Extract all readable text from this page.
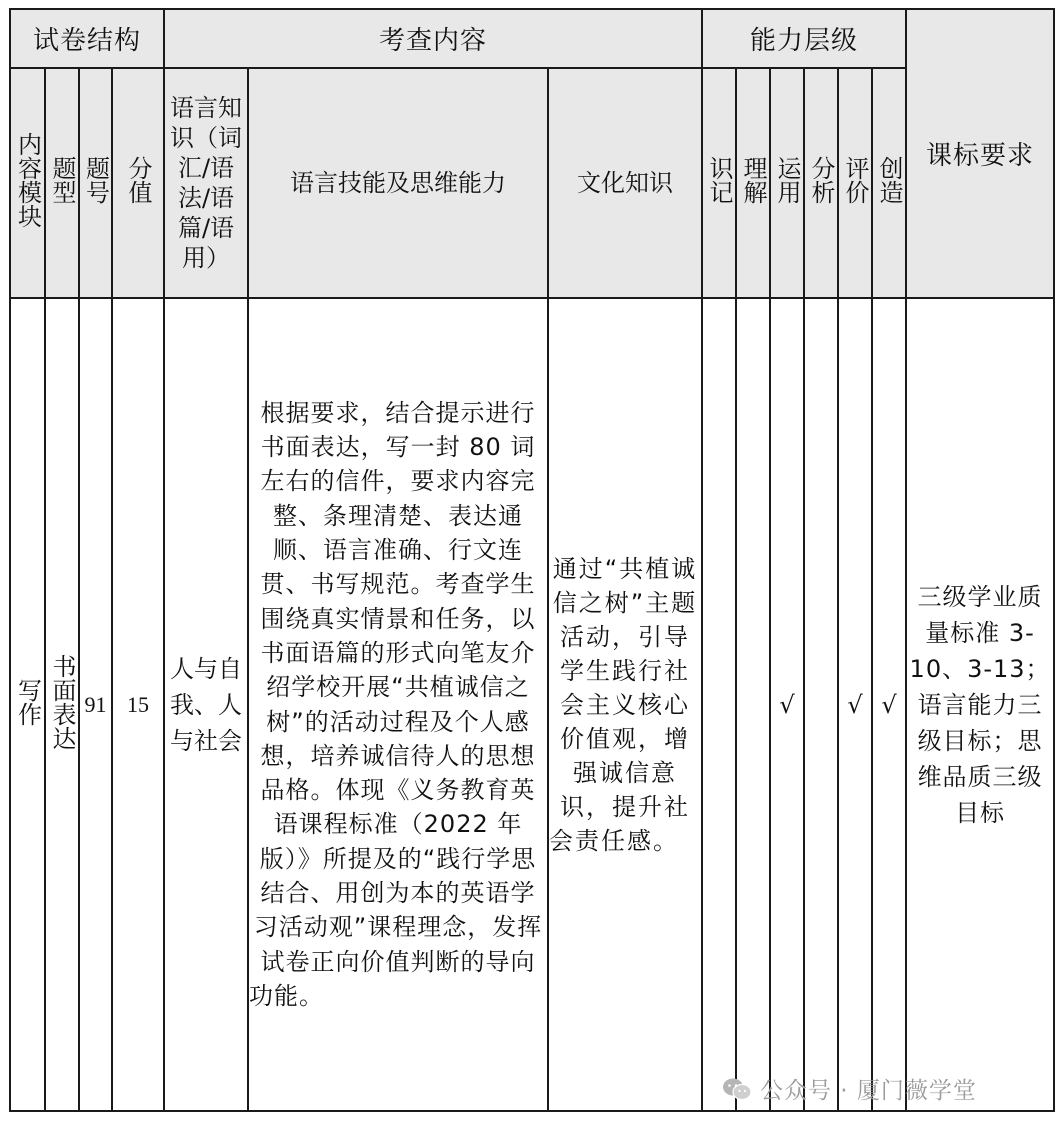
试卷结构				考查内容			能力层级						课标要求
内容模块	题型	题号	分值	语言知识（词汇/语法/语篇/语用）	语言技能及思维能力	文化知识	识记	理解	运用	分析	评价	创造	
写作	书面表达	91	15	人与自我、人与社会	根据要求，结合提示进行书面表达，写一封 80 词左右的信件，要求内容完整、条理清楚、表达通顺、语言准确、行文连贯、书写规范。考查学生围绕真实情景和任务，以书面语篇的形式向笔友介绍学校开展“共植诚信之树”的活动过程及个人感想，培养诚信待人的思想品格。体现《义务教育英语课程标准（2022 年版）》所提及的“践行学思结合、用创为本的英语学习活动观”课程理念，发挥试卷正向价值判断的导向功能。	通过“共植诚信之树”主题活动，引导学生践行社会主义核心价值观，增强诚信意识，提升社会责任感。			√		√	√	三级学业质量标准 3-10、3-13；语言能力三级目标；思维品质三级目标
公众号 · 厦门薇学堂
